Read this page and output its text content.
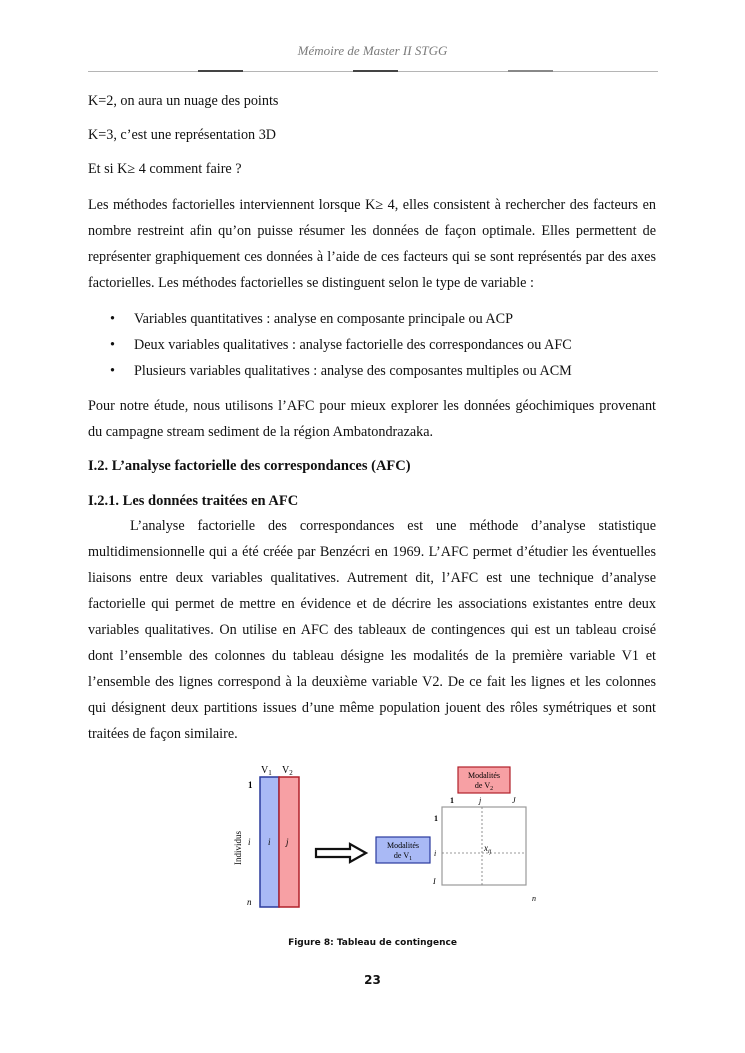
Mémoire de Master II STGG

K=2, on aura un nuage des points

K=3, c’est une représentation 3D

Et si K≥ 4 comment faire ?

Les méthodes factorielles interviennent lorsque K≥ 4, elles consistent à rechercher des facteurs en nombre restreint afin qu’on puisse résumer les données de façon optimale. Elles permettent de représenter graphiquement ces données à l’aide de ces facteurs qui se sont représentés par des axes factorielles. Les méthodes factorielles se distinguent selon le type de variable :

• Variables quantitatives : analyse en composante principale ou ACP
• Deux variables qualitatives : analyse factorielle des correspondances ou AFC
• Plusieurs variables qualitatives : analyse des composantes multiples ou ACM

Pour notre étude, nous utilisons l’AFC pour mieux explorer les données géochimiques provenant du campagne stream sediment de la région Ambatondrazaka.

I.2. L’analyse factorielle des correspondances (AFC)
I.2.1. Les données traitées en AFC

L’analyse factorielle des correspondances est une méthode d’analyse statistique multidimensionnelle qui a été créée par Benzécri en 1969. L’AFC permet d’étudier les éventuelles liaisons entre deux variables qualitatives. Autrement dit, l’AFC est une technique d’analyse factorielle qui permet de mettre en évidence et de décrire les associations existantes entre deux variables qualitatives. On utilise en AFC des tableaux de contingences qui est un tableau croisé dont l’ensemble des colonnes du tableau désigne les modalités de la première variable V1 et l’ensemble des lignes correspond à la deuxième variable V2. De ce fait les lignes et les colonnes qui désignent deux partitions issues d’une même population jouent des rôles symétriques et sont traitées de façon similaire.

$V_1$ $V_2$
1
i
n
i j
Individus	Modalités
de $V_1$
Modalités
de $V_2$
1	j	J
1
i
I
$x_{ij}$
n
Figure 8: Tableau de contingence
23
